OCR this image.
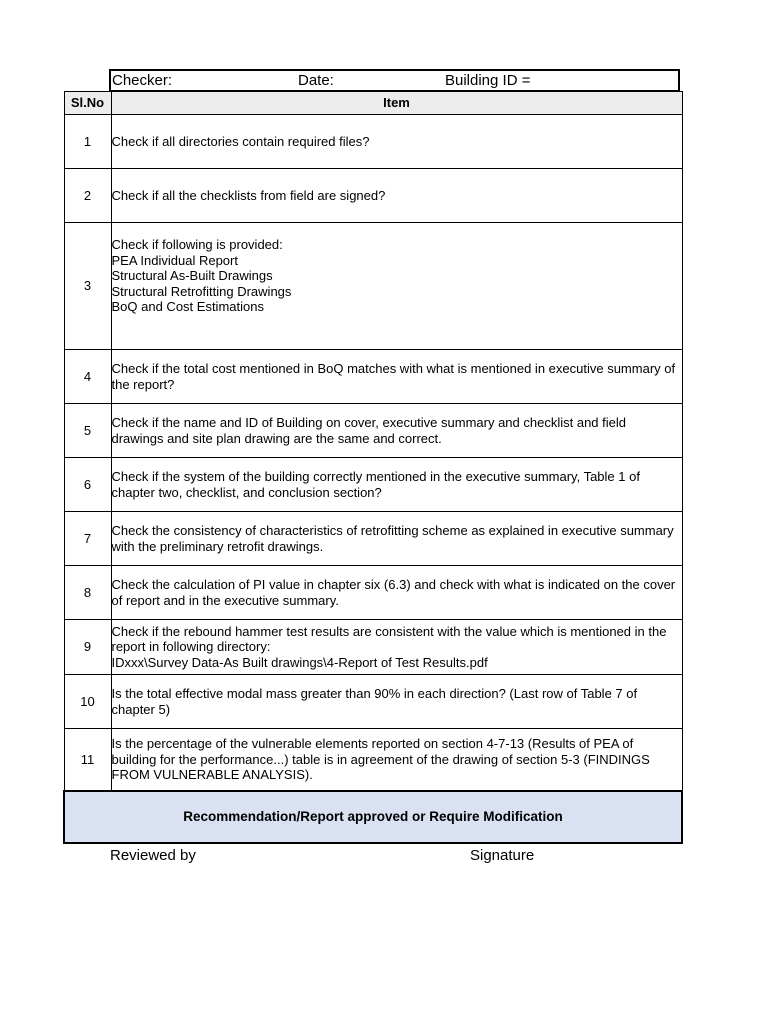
Checker:	Date:	Building ID =
Sl.No	Item
1	Check if all directories contain required files?
2	Check if all the checklists from field are signed?
3	Check if following is provided:
PEA Individual Report
Structural As-Built Drawings
Structural Retrofitting Drawings
BoQ and Cost Estimations
4	Check if the total cost mentioned in BoQ matches with what is mentioned in executive summary of the report?
5	Check if the name and ID of Building on cover, executive summary and checklist and field drawings and site plan drawing are the same and correct.
6	Check if the system of the building correctly mentioned in the executive summary, Table 1 of chapter two, checklist, and conclusion section?
7	Check the consistency of characteristics of retrofitting scheme as explained in executive summary with the preliminary retrofit drawings.
8	Check the calculation of PI value in chapter six (6.3) and check with what is indicated on the cover of report and in the executive summary.
9	Check if the rebound hammer test results are consistent with the value which is mentioned in the report in following directory:
IDxxx\Survey Data-As Built drawings\4-Report of Test Results.pdf
10	Is the total effective modal mass greater than 90% in each direction? (Last row of Table 7 of chapter 5)
11	Is the percentage of the vulnerable elements reported on section 4-7-13 (Results of PEA of building for the performance...) table is in agreement of the drawing of section 5-3 (FINDINGS FROM VULNERABLE ANALYSIS).
Recommendation/Report approved or Require Modification	
Reviewed by	Signature
